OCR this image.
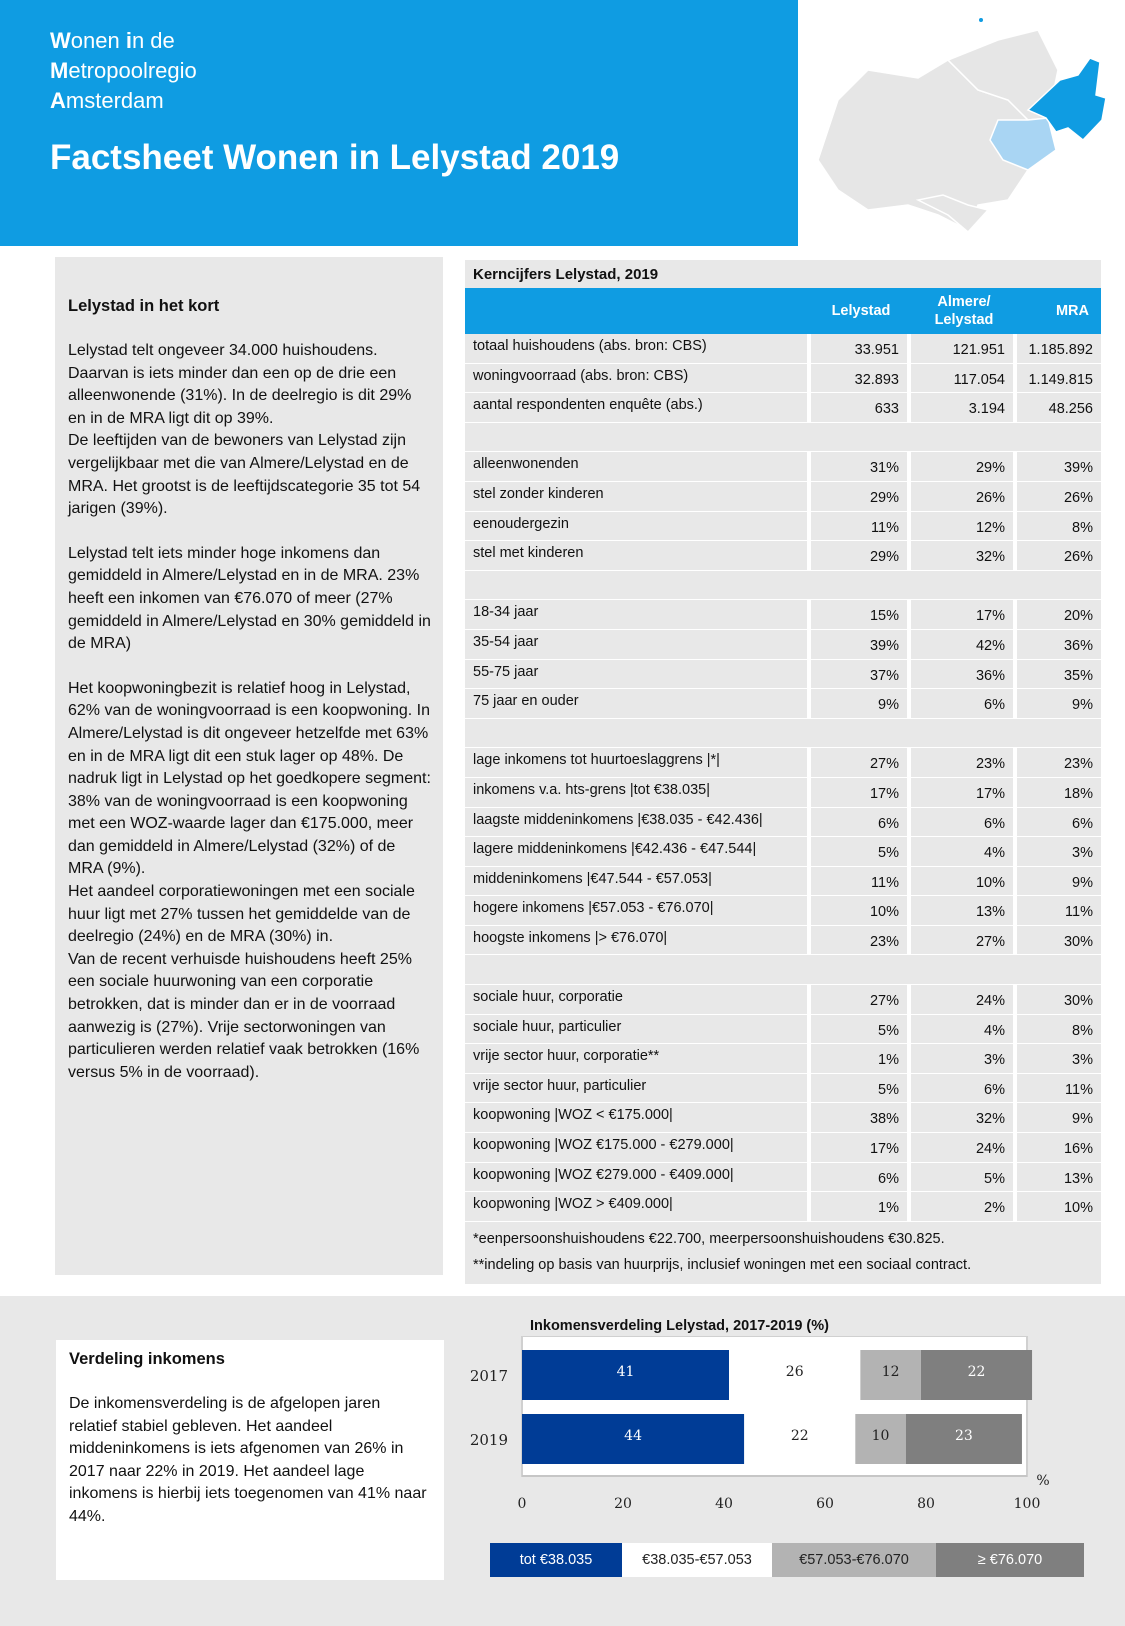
Wonen in de
Metropoolregio
Amsterdam
Factsheet Wonen in Lelystad 2019
Lelystad in het kort

Lelystad telt ongeveer 34.000 huishoudens. Daarvan is iets minder dan een op de drie een alleenwonende (31%). In de deelregio is dit 29% en in de MRA ligt dit op 39%.

De leeftijden van de bewoners van Lelystad zijn vergelijkbaar met die van Almere/Lelystad en de MRA. Het grootst is de leeftijdscategorie 35 tot 54 jarigen (39%).

Lelystad telt iets minder hoge inkomens dan gemiddeld in Almere/Lelystad en in de MRA. 23% heeft een inkomen van €76.070 of meer (27% gemiddeld in Almere/Lelystad en 30% gemiddeld in de MRA)

Het koopwoningbezit is relatief hoog in Lelystad, 62% van de woningvoorraad is een koopwoning. In Almere/Lelystad is dit ongeveer hetzelfde met 63% en in de MRA ligt dit een stuk lager op 48%. De nadruk ligt in Lelystad op het goedkopere segment: 38% van de woningvoorraad is een koopwoning met een WOZ-waarde lager dan €175.000, meer dan gemiddeld in Almere/Lelystad (32%) of de MRA (9%).

Het aandeel corporatiewoningen met een sociale huur ligt met 27% tussen het gemiddelde van de deelregio (24%) en de MRA (30%) in.

Van de recent verhuisde huishoudens heeft 25% een sociale huurwoning van een corporatie betrokken, dat is minder dan er in de voorraad aanwezig is (27%). Vrije sectorwoningen van particulieren werden relatief vaak betrokken (16% versus 5% in de voorraad).

Kerncijfers Lelystad, 2019
Lelystad
Almere/ Lelystad
MRA
totaal huishoudens (abs. bron: CBS)	33.951	121.951	1.185.892
woningvoorraad (abs. bron: CBS)	32.893	117.054	1.149.815
aantal respondenten enquête (abs.)	633	3.194	48.256
alleenwonenden	31%	29%	39%
stel zonder kinderen	29%	26%	26%
eenoudergezin	11%	12%	8%
stel met kinderen	29%	32%	26%
18-34 jaar	15%	17%	20%
35-54 jaar	39%	42%	36%
55-75 jaar	37%	36%	35%
75 jaar en ouder	9%	6%	9%
lage inkomens tot huurtoeslaggrens |*|	27%	23%	23%
inkomens v.a. hts-grens |tot €38.035|	17%	17%	18%
laagste middeninkomens |€38.035 - €42.436|	6%	6%	6%
lagere middeninkomens |€42.436 - €47.544|	5%	4%	3%
middeninkomens |€47.544 - €57.053|	11%	10%	9%
hogere inkomens |€57.053 - €76.070|	10%	13%	11%
hoogste inkomens |> €76.070|	23%	27%	30%
sociale huur, corporatie	27%	24%	30%
sociale huur, particulier	5%	4%	8%
vrije sector huur, corporatie**	1%	3%	3%
vrije sector huur, particulier	5%	6%	11%
koopwoning |WOZ < €175.000|	38%	32%	9%
koopwoning |WOZ €175.000 - €279.000|	17%	24%	16%
koopwoning |WOZ €279.000 - €409.000|	6%	5%	13%
koopwoning |WOZ > €409.000|	1%	2%	10%
*eenpersoonshuishoudens €22.700, meerpersoonshuishoudens €30.825.
**indeling op basis van huurprijs, inclusief woningen met een sociaal contract.
Verdeling inkomens

De inkomensverdeling is de afgelopen jaren relatief stabiel gebleven. Het aandeel middeninkomens is iets afgenomen van 26% in 2017 naar 22% in 2019. Het aandeel lage inkomens is hierbij iets toegenomen van 41% naar 44%.

Inkomensverdeling Lelystad, 2017-2019 (%)
2017	41	26	12	22
2019	44	22	10	23
0	20	40	60	80	100
%
tot €38.035	€38.035-€57.053	€57.053-€76.070	≥ €76.070
